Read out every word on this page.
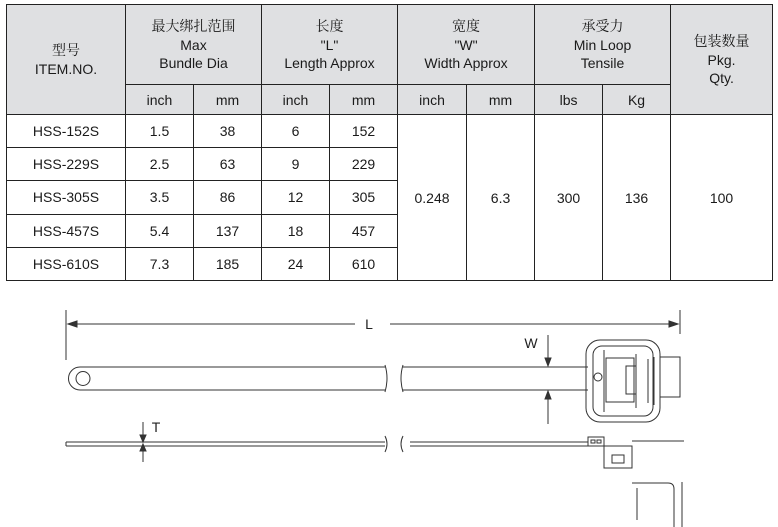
型号
ITEM.NO.	最大绑扎范围
Max
Bundle Dia		长度
"L"
Length Approx		宽度
"W"
Width Approx		承受力
Min Loop
Tensile		包装数量
Pkg.
Qty.

	inch	mm	inch	mm	inch	mm	lbs	Kg	
HSS-152S	1.5	38	6	152	0.248	6.3	300	136	100
HSS-229S	2.5	63	9	229					
HSS-305S	3.5	86	12	305					
HSS-457S	5.4	137	18	457					
HSS-610S	7.3	185	24	610					
L
W
T
